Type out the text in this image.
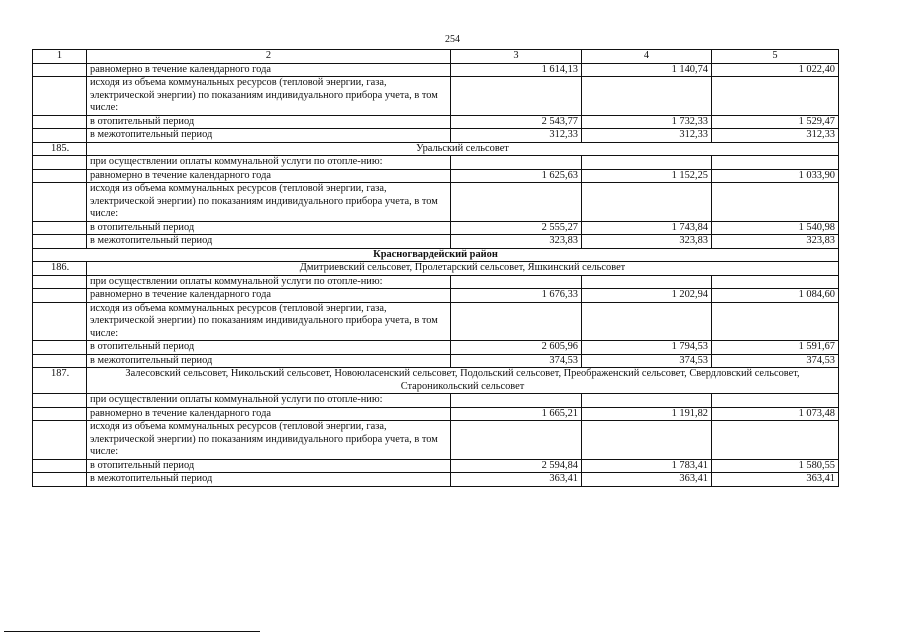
254
1	2	3	4	5
	равномерно в течение календарного года	1 614,13	1 140,74	1 022,40
	исходя из объема коммунальных ресурсов (тепловой энергии, газа, электрической энергии) по показаниям индивидуального прибора учета, в том числе:			
	в отопительный период	2 543,77	1 732,33	1 529,47
	в межотопительный период	312,33	312,33	312,33
185.	Уральский сельсовет			
	при осуществлении оплаты коммунальной услуги по отопле-нию:			
	равномерно в течение календарного года	1 625,63	1 152,25	1 033,90
	исходя из объема коммунальных ресурсов (тепловой энергии, газа, электрической энергии) по показаниям индивидуального прибора учета, в том числе:			
	в отопительный период	2 555,27	1 743,84	1 540,98
	в межотопительный период	323,83	323,83	323,83
Красногвардейский район				
186.	Дмитриевский сельсовет, Пролетарский сельсовет, Яшкинский сельсовет			
	при осуществлении оплаты коммунальной услуги по отопле-нию:			
	равномерно в течение календарного года	1 676,33	1 202,94	1 084,60
	исходя из объема коммунальных ресурсов (тепловой энергии, газа, электрической энергии) по показаниям индивидуального прибора учета, в том числе:			
	в отопительный период	2 605,96	1 794,53	1 591,67
	в межотопительный период	374,53	374,53	374,53
187.	Залесовский сельсовет, Никольский сельсовет, Новоюласенский сельсовет, Подольский сельсовет, Преображенский сельсовет, Свердловский сельсовет, Староникольский сельсовет			
	при осуществлении оплаты коммунальной услуги по отопле-нию:			
	равномерно в течение календарного года	1 665,21	1 191,82	1 073,48
	исходя из объема коммунальных ресурсов (тепловой энергии, газа, электрической энергии) по показаниям индивидуального прибора учета, в том числе:			
	в отопительный период	2 594,84	1 783,41	1 580,55
	в межотопительный период	363,41	363,41	363,41
